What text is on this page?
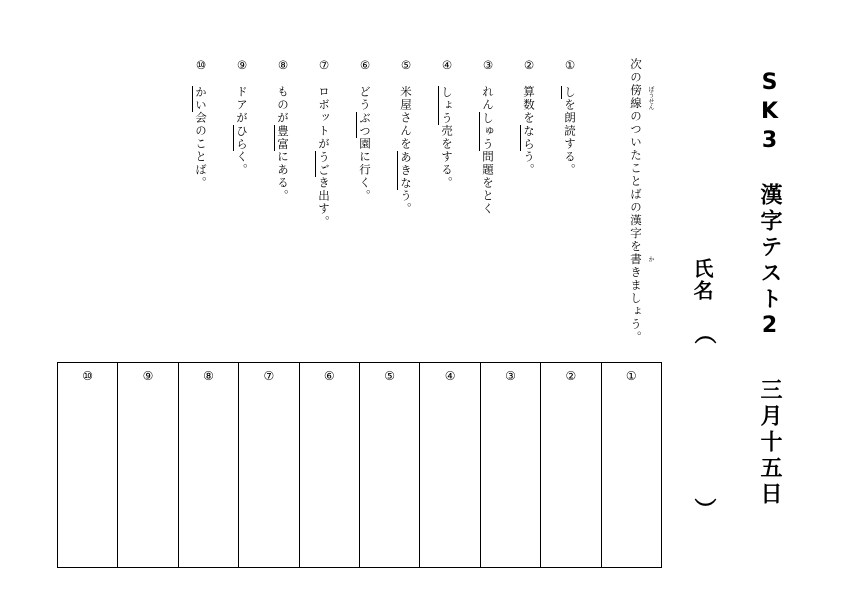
SK3　漢字テスト2
三月十五日
氏名
（
）
次の傍線のついたことばの漢字を書きましょう。 ぼうせん
か
①しを朗読する。
②算数をならう。
③れんしゅう問題をとく
④しょう売をする。
⑤米屋さんをあきなう。
⑥どうぶつ園に行く。
⑦ロボットがうごき出す。
⑧ものが豊富にある。
⑨ドアがひらく。
⑩かい会のことば。
①
②
③
④
⑤
⑥
⑦
⑧
⑨
⑩
